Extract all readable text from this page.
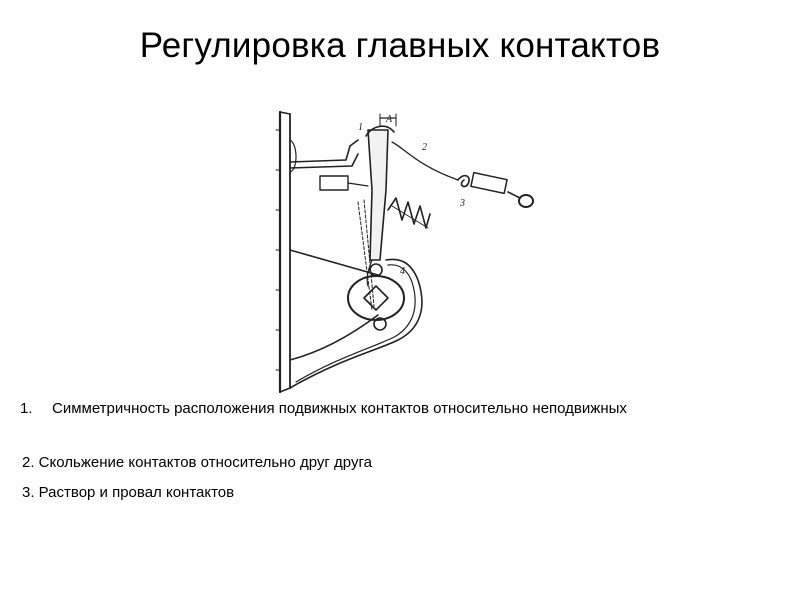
Регулировка главных контактов
A
1
2
3
4
1. Симметричность расположения подвижных контактов относительно неподвижных
2. Скольжение контактов относительно друг друга
3. Раствор и провал контактов
